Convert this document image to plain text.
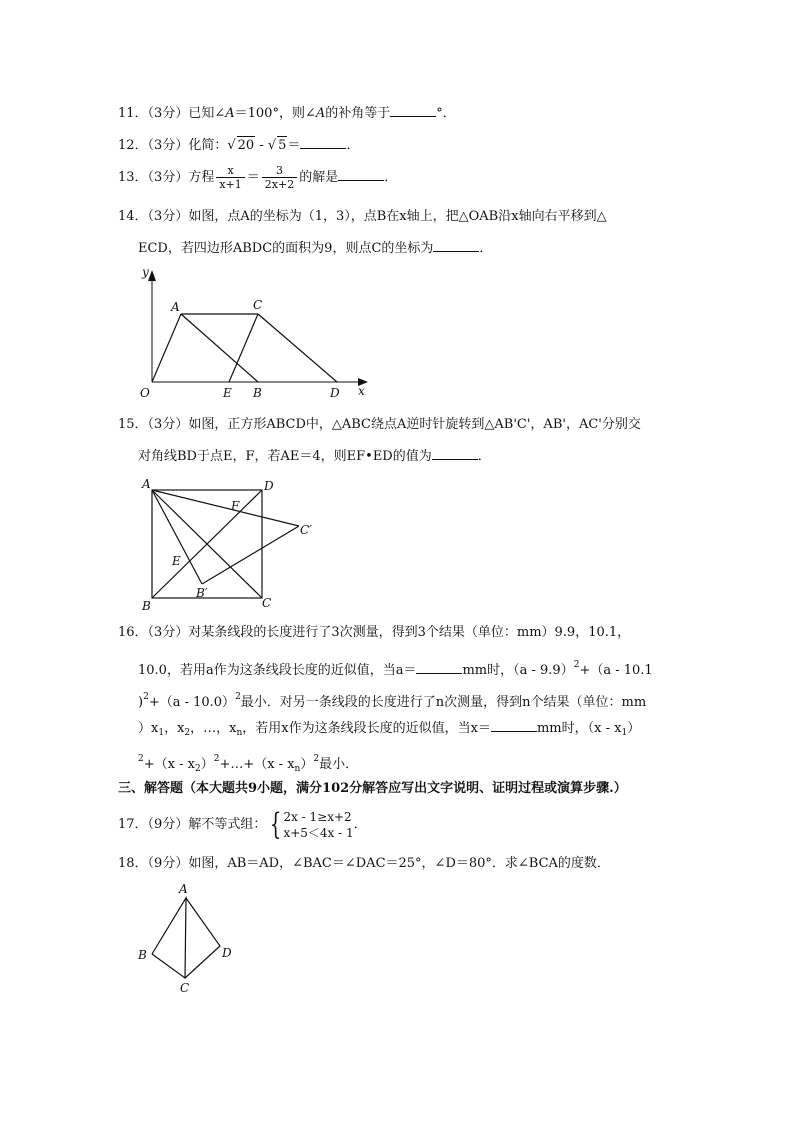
11．（3分）已知∠A＝100°，则∠A的补角等于	°．
12．（3分）化简：√ 20 - √ 5＝	．
13．（3分）方程 $\frac{x}{x+1} = \frac{3}{2x+2}$ 的解是	．
14．（3分）如图，点A的坐标为（1，3），点B在x轴上，把△OAB沿x轴向右平移到△
ECD，若四边形ABDC的面积为9，则点C的坐标为	．
y
x
O
A	C
E B	D
15．（3分）如图，正方形ABCD中，△ABC绕点A逆时针旋转到△AB'C'，AB'，AC'分别交
对角线BD于点E，F，若AE＝4，则EF•ED的值为	．
A	D
F
C′
E
B′
B	C
16．（3分）对某条线段的长度进行了3次测量，得到3个结果（单位：mm）9.9，10.1，
10.0，若用a作为这条线段长度的近似值，当a＝	mm时，（a - 9.9）$^2$+（a - 10.1
)$^2$+（a - 10.0）$^2$最小．对另一条线段的长度进行了n次测量，得到n个结果（单位：mm
）$x_1$，$x_2$，…，$x_n$，若用x作为这条线段长度的近似值，当x＝	mm时，$(x - x_1)$
$^2+(x - x_2)^2+\dots+(x - x_n)^2$最小．
三、解答题（本大题共9小题，满分102分解答应写出文字说明、证明过程或演算步骤.）
17．（9分）解不等式组： { 2x - 1≥x+2
x+5＜4x - 1
．
18．（9分）如图，AB＝AD，∠BAC＝∠DAC＝25°，∠D＝80°．求∠BCA的度数．
A
B	D
C
